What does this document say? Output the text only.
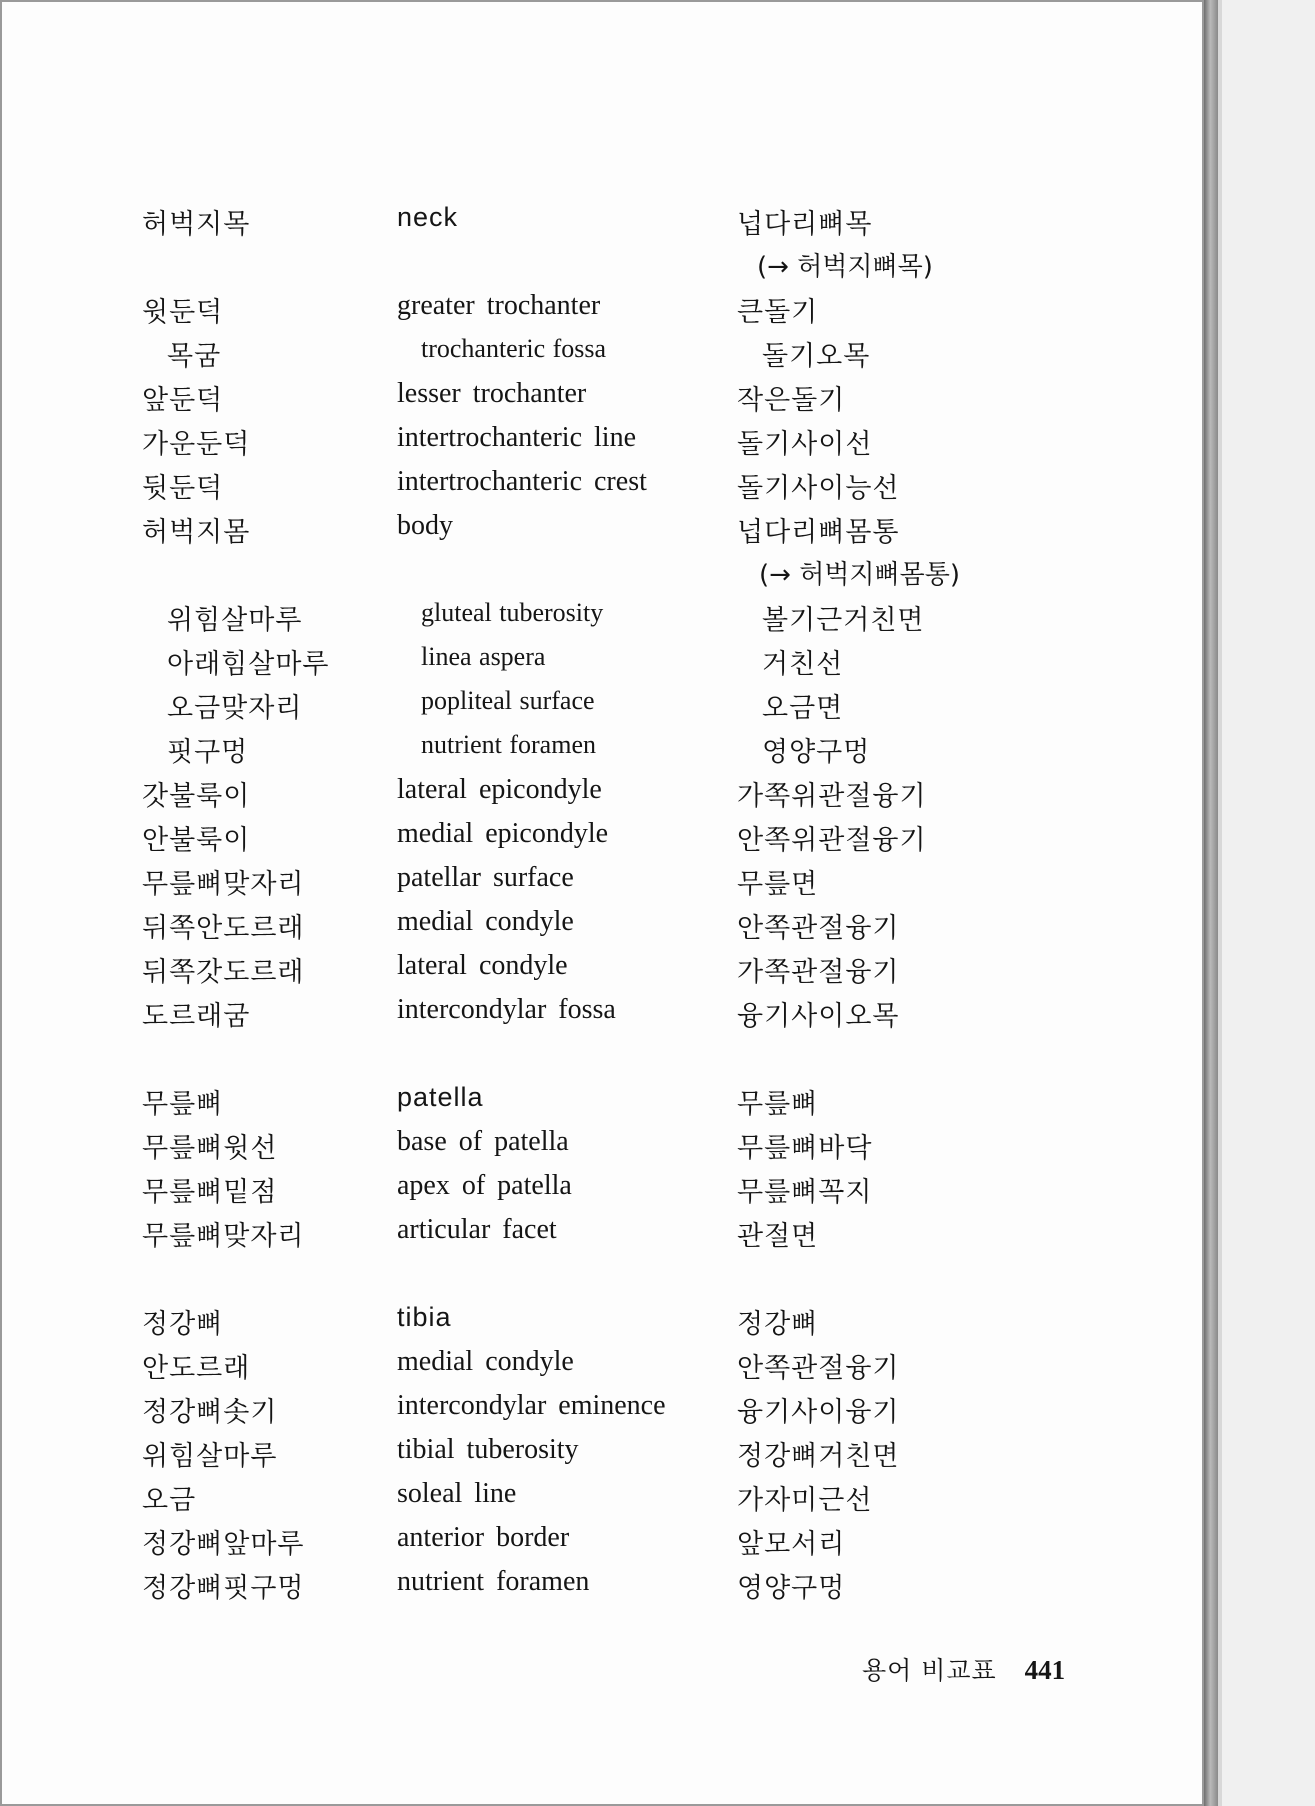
허벅지목	neck	넙다리뼈목
(→ 허벅지뼈목)
윗둔덕	greater trochanter	큰돌기
목굼	trochanteric fossa	돌기오목
앞둔덕	lesser trochanter	작은돌기
가운둔덕	intertrochanteric line	돌기사이선
뒷둔덕	intertrochanteric crest	돌기사이능선
허벅지몸	body	넙다리뼈몸통
(→ 허벅지뼈몸통)
위힘살마루	gluteal tuberosity	볼기근거친면
아래힘살마루	linea aspera	거친선
오금맞자리	popliteal surface	오금면
핏구멍	nutrient foramen	영양구멍
갓불룩이	lateral epicondyle	가쪽위관절융기
안불룩이	medial epicondyle	안쪽위관절융기
무릎뼈맞자리	patellar surface	무릎면
뒤쪽안도르래	medial condyle	안쪽관절융기
뒤쪽갓도르래	lateral condyle	가쪽관절융기
도르래굼	intercondylar fossa	융기사이오목
무릎뼈	patella	무릎뼈
무릎뼈윗선	base of patella	무릎뼈바닥
무릎뼈밑점	apex of patella	무릎뼈꼭지
무릎뼈맞자리	articular facet	관절면
정강뼈	tibia	정강뼈
안도르래	medial condyle	안쪽관절융기
정강뼈솟기	intercondylar eminence	융기사이융기
위힘살마루	tibial tuberosity	정강뼈거친면
오금	soleal line	가자미근선
정강뼈앞마루	anterior border	앞모서리
정강뼈핏구멍	nutrient foramen	영양구멍
용어 비교표 441
